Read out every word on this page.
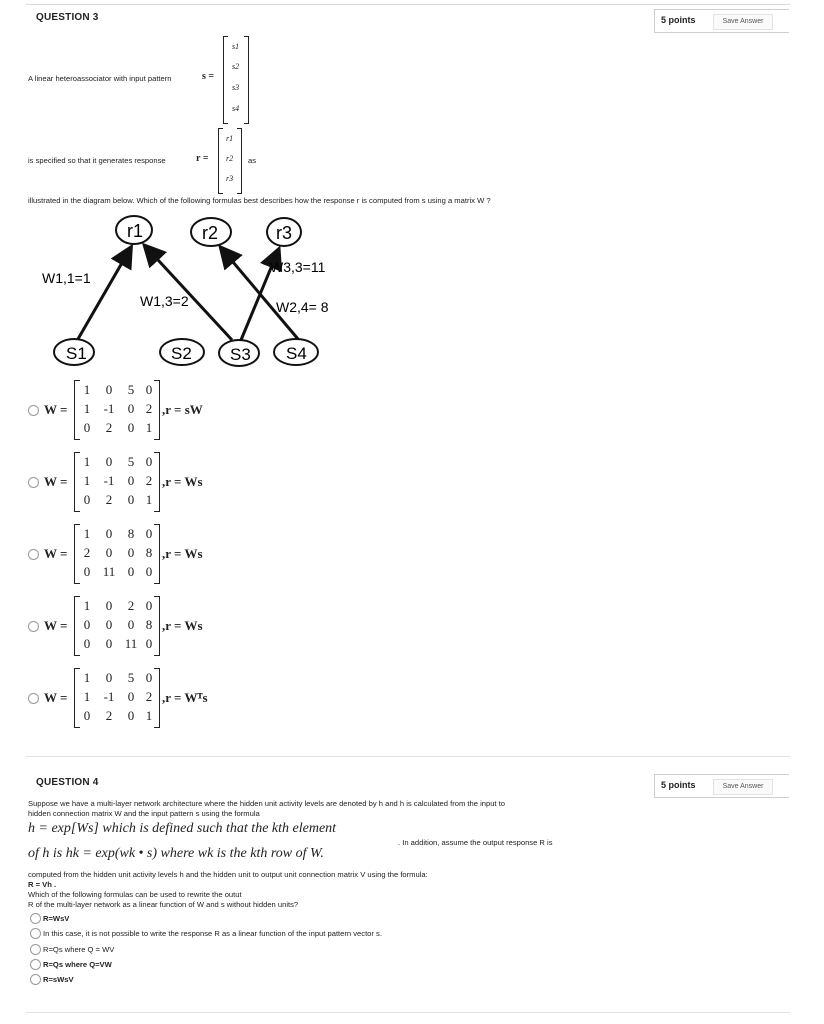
QUESTION 3	5 points	Save Answer
A linear heteroassociator with input pattern	s =
s1
s2
s3
s4
is specified so that it generates response	r =
r1
r2
r3
as
illustrated in the diagram below. Which of the following formulas best describes how the response r is computed from s using a matrix W ?
r1	r2	r3
S1	S2 S3 S4
W1,1=1
W1,3=2
W3,3=11
W2,4= 8
W =
1 0 5 0
1 -1 0 2
0 2 0 1
,r = sW
W =
1 0 5 0
1 -1 0 2
0 2 0 1
,r = Ws
W =
1 0 8 0
2 0 0 8
0 11 0 0
,r = Ws
W =
1 0 2 0
0 0 0 8
0 0 11 0
,r = Ws
W =
1 0 5 0
1 -1 0 2
0 2 0 1
,r = Wᵀs
QUESTION 4	5 points	Save Answer
Suppose we have a multi-layer network architecture where the hidden unit activity levels are denoted by h and h is calculated from the input to
hidden connection matrix W and the input pattern s using the formula
h = exp[Ws] which is defined such that the kth element
. In addition, assume the output response R is
of h is hk = exp(wk • s) where wk is the kth row of W.
computed from the hidden unit activity levels h and the hidden unit to output unit connection matrix V using the formula:
R = Vh .
Which of the following formulas can be used to rewrite the outut
R of the multi-layer network as a linear function of W and s without hidden units?
R=WsV
In this case, it is not possible to write the response R as a linear function of the input pattern vector s.
R=Qs where Q = WV
R=Qs where Q=VW
R=sWsV
